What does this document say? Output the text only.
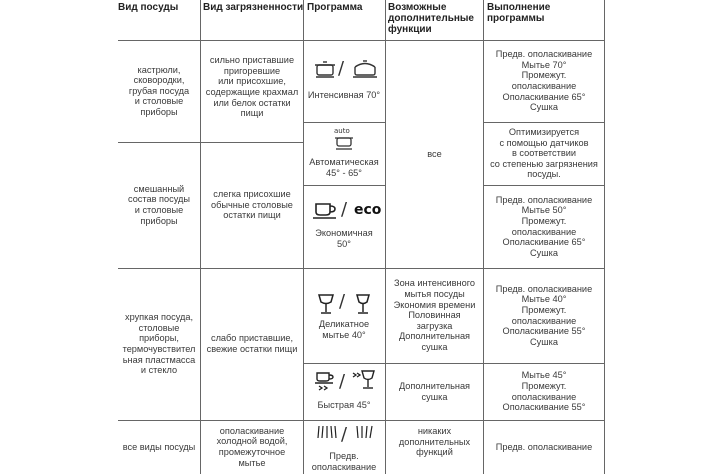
Вид посуды Вид загрязненности Программа	Возможные
дополнительные
функции
Выполнение
программы
кастрюли,
сковородки,
грубая посуда
и столовые
приборы
сильно приставшие
пригоревшие
или присохшие,
содержащие крахмал
или белок остатки
пищи
/
Интенсивная 70°
Предв. ополаскивание
Мытье 70°
Промежут.
ополаскивание
Ополаскивание 65°
Сушка
auto
Автоматическая
45° - 65°
все
Оптимизируется
с помощью датчиков
в соответствии
со степенью загрязнения
посуды.
смешанный
состав посуды
и столовые
приборы
слегка присохшие
обычные столовые
остатки пищи	/ eco
Экономичная
50°
Предв. ополаскивание
Мытье 50°
Промежут.
ополаскивание
Ополаскивание 65°
Сушка
хрупкая посуда,
столовые
приборы,
термочувствител
ьная пластмасса
и стекло
слабо приставшие,
свежие остатки пищи
/
Деликатное
мытье 40°
Зона интенсивного
мытья посуды
Экономия времени
Половинная
загрузка
Дополнительная
сушка
Предв. ополаскивание
Мытье 40°
Промежут.
ополаскивание
Ополаскивание 55°
Сушка
/
Быстрая 45°
Дополнительная
сушка
Мытье 45°
Промежут.
ополаскивание
Ополаскивание 55°
все виды посуды
ополаскивание
холодной водой,
промежуточное
мытье
/
Предв.
ополаскивание
никаких
дополнительных
функций
Предв. ополаскивание
